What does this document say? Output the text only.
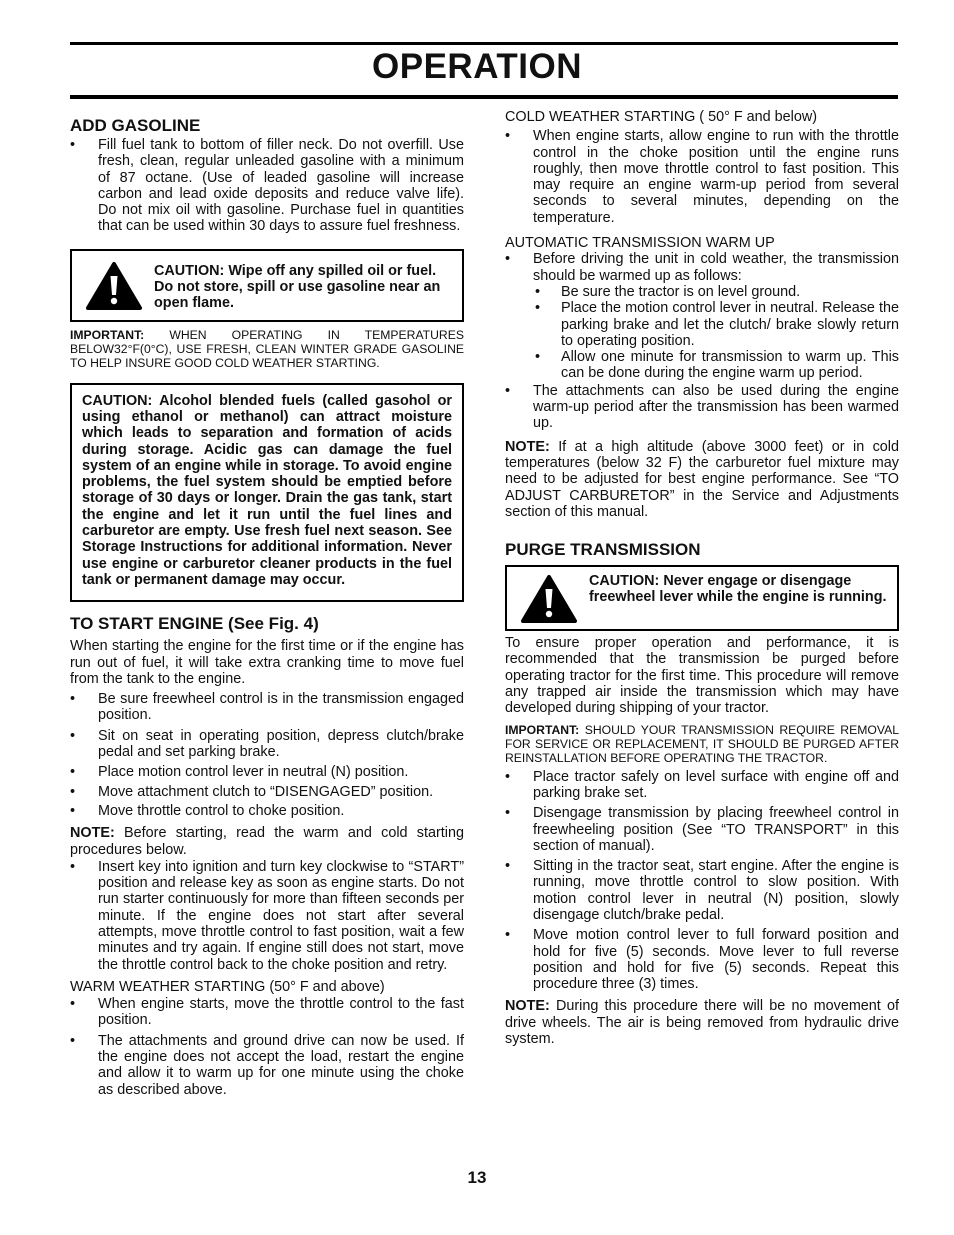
OPERATION
ADD GASOLINE
• Fill fuel tank to bottom of filler neck. Do not overfill. Use fresh, clean, regular unleaded gasoline with a minimum of 87 octane. (Use of leaded gasoline will increase carbon and lead oxide deposits and reduce valve life). Do not mix oil with gasoline. Purchase fuel in quantities that can be used within 30 days to assure fuel freshness.
CAUTION: Wipe off any spilled oil or fuel. Do not store, spill or use gasoline near an open flame.
IMPORTANT: WHEN OPERATING IN TEMPERATURES BELOW32°F(0°C), USE FRESH, CLEAN WINTER GRADE GASOLINE TO HELP INSURE GOOD COLD WEATHER STARTING.
CAUTION: Alcohol blended fuels (called gasohol or using ethanol or methanol) can attract moisture which leads to separation and formation of acids during storage. Acidic gas can damage the fuel system of an engine while in storage. To avoid engine problems, the fuel system should be emptied before storage of 30 days or longer. Drain the gas tank, start the engine and let it run until the fuel lines and carburetor are empty. Use fresh fuel next season. See Storage Instructions for additional information. Never use engine or carburetor cleaner products in the fuel tank or permanent damage may occur.
TO START ENGINE (See Fig. 4)

When starting the engine for the first time or if the engine has run out of fuel, it will take extra cranking time to move fuel from the tank to the engine.

• Be sure freewheel control is in the transmission engaged position.
• Sit on seat in operating position, depress clutch/brake pedal and set parking brake.
• Place motion control lever in neutral (N) position.
• Move attachment clutch to “DISENGAGED” position.
• Move throttle control to choke position.

NOTE: Before starting, read the warm and cold starting procedures below.

• Insert key into ignition and turn key clockwise to “START” position and release key as soon as engine starts. Do not run starter continuously for more than fifteen seconds per minute. If the engine does not start after several attempts, move throttle control to fast position, wait a few minutes and try again. If engine still does not start, move the throttle control back to the choke position and retry.

WARM WEATHER STARTING (50° F and above)

• When engine starts, move the throttle control to the fast position.
• The attachments and ground drive can now be used. If the engine does not accept the load, restart the engine and allow it to warm up for one minute using the choke as described above.

COLD WEATHER STARTING ( 50° F and below)

• When engine starts, allow engine to run with the throttle control in the choke position until the engine runs roughly, then move throttle control to fast position. This may require an engine warm-up period from several seconds to several minutes, depending on the temperature.

AUTOMATIC TRANSMISSION WARM UP

• Before driving the unit in cold weather, the transmission should be warmed up as follows:
• Be sure the tractor is on level ground.
• Place the motion control lever in neutral. Release the parking brake and let the clutch/ brake slowly return to operating position.
• Allow one minute for transmission to warm up. This can be done during the engine warm up period.
• The attachments can also be used during the engine warm-up period after the transmission has been warmed up.

NOTE: If at a high altitude (above 3000 feet) or in cold temperatures (below 32 F) the carburetor fuel mixture may need to be adjusted for best engine performance. See “TO ADJUST CARBURETOR” in the Service and Adjustments section of this manual.

PURGE TRANSMISSION
CAUTION: Never engage or disengage freewheel lever while the engine is running.

To ensure proper operation and performance, it is recommended that the transmission be purged before operating tractor for the first time. This procedure will remove any trapped air inside the transmission which may have developed during shipping of your tractor.

IMPORTANT: SHOULD YOUR TRANSMISSION REQUIRE REMOVAL FOR SERVICE OR REPLACEMENT, IT SHOULD BE PURGED AFTER REINSTALLATION BEFORE OPERATING THE TRACTOR.
• Place tractor safely on level surface with engine off and parking brake set.
• Disengage transmission by placing freewheel control in freewheeling position (See “TO TRANSPORT” in this section of manual).
• Sitting in the tractor seat, start engine. After the engine is running, move throttle control to slow position. With motion control lever in neutral (N) position, slowly disengage clutch/brake pedal.
• Move motion control lever to full forward position and hold for five (5) seconds. Move lever to full reverse position and hold for five (5) seconds. Repeat this procedure three (3) times.

NOTE: During this procedure there will be no movement of drive wheels. The air is being removed from hydraulic drive system.

13
